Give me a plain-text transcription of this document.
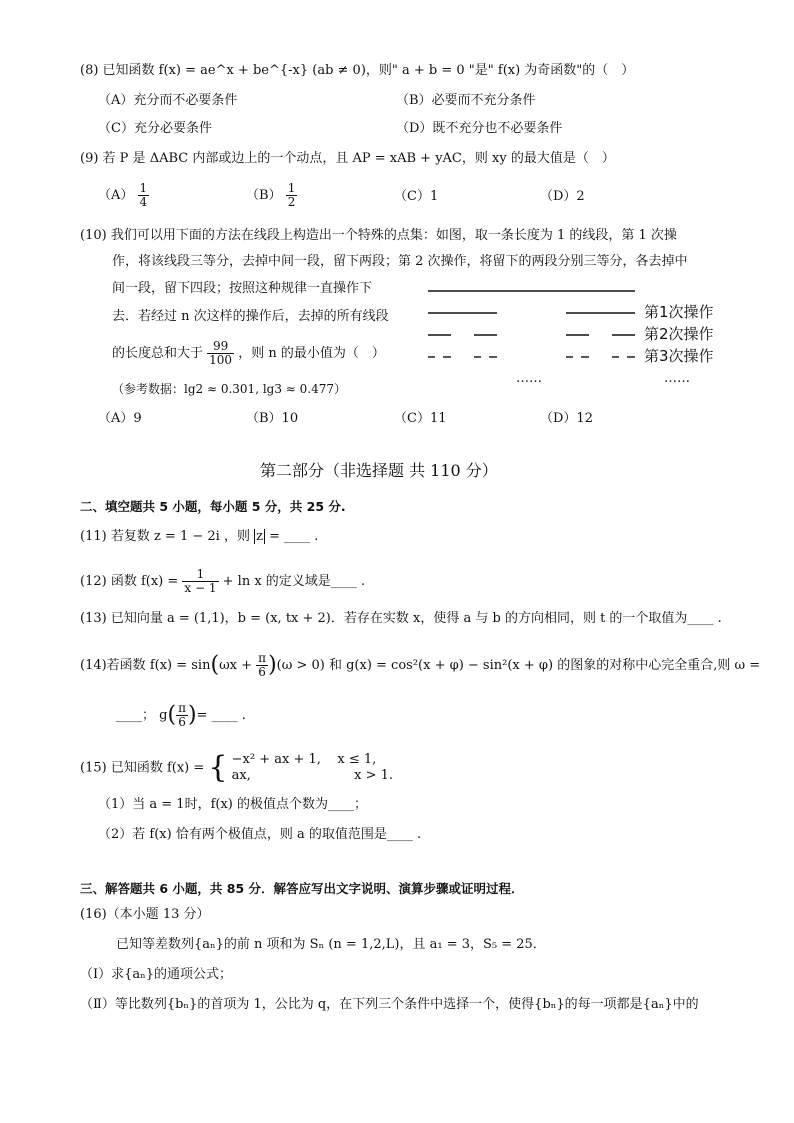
(8) 已知函数 f(x) = ae^x + be^{-x} (ab ≠ 0)，则" a + b = 0 "是" f(x) 为奇函数"的（　）
（A）充分而不必要条件	（B）必要而不充分条件
（C）充分必要条件	（D）既不充分也不必要条件
(9) 若 P 是 ΔABC 内部或边上的一个动点，且 AP = xAB + yAC，则 xy 的最大值是（　）
$(A) \frac{1}{4}$	$(B) \frac{1}{2}$	（C）1	（D）2
(10) 我们可以用下面的方法在线段上构造出一个特殊的点集：如图，取一条长度为 1 的线段，第 1 次操
作，将该线段三等分，去掉中间一段，留下两段；第 2 次操作，将留下的两段分别三等分，各去掉中
间一段，留下四段；按照这种规律一直操作下
去．若经过 n 次这样的操作后，去掉的所有线段
的长度总和大于 $\frac{99}{100}$ ，则 n 的最小值为（　）
（参考数据：lg2 ≈ 0.301, lg3 ≈ 0.477）
第1次操作
第2次操作
第3次操作
……	……
（A）9	（B）10	（C）11	（D）12
第二部分（非选择题 共 110 分）
二、填空题共 5 小题，每小题 5 分，共 25 分.
(11) 若复数 z = 1 − 2i ，则 z = ____ .
(12) 函数 $f(x) = \frac{1}{x - 1} + \ln x$ 的定义域是____ .
(13) 已知向量 a = (1,1)，b = (x, tx + 2)．若存在实数 x，使得 a 与 b 的方向相同，则 t 的一个取值为____ .
(14)若函数 $f(x) = \sin(\omega x + \frac{\pi}{6} )(\omega > 0)$ 和 g(x) = cos²(x + φ) − sin²(x + φ) 的图象的对称中心完全重合,则 ω =
____； $g( \frac{\pi}{6}$ )= ____ .
(15) 已知函数 f(x) = { −x² + ax + 1,    x ≤ 1,
ax,                         x > 1.
（1）当 a = 1时，f(x) 的极值点个数为____；
（2）若 f(x) 恰有两个极值点，则 a 的取值范围是____ .
三、解答题共 6 小题，共 85 分．解答应写出文字说明、演算步骤或证明过程．
(16)（本小题 13 分）
已知等差数列{aₙ}的前 n 项和为 Sₙ (n = 1,2,L)，且 a₁ = 3，S₅ = 25．
（Ⅰ）求{aₙ}的通项公式；
（Ⅱ）等比数列{bₙ}的首项为 1，公比为 q，在下列三个条件中选择一个，使得{bₙ}的每一项都是{aₙ}中的
